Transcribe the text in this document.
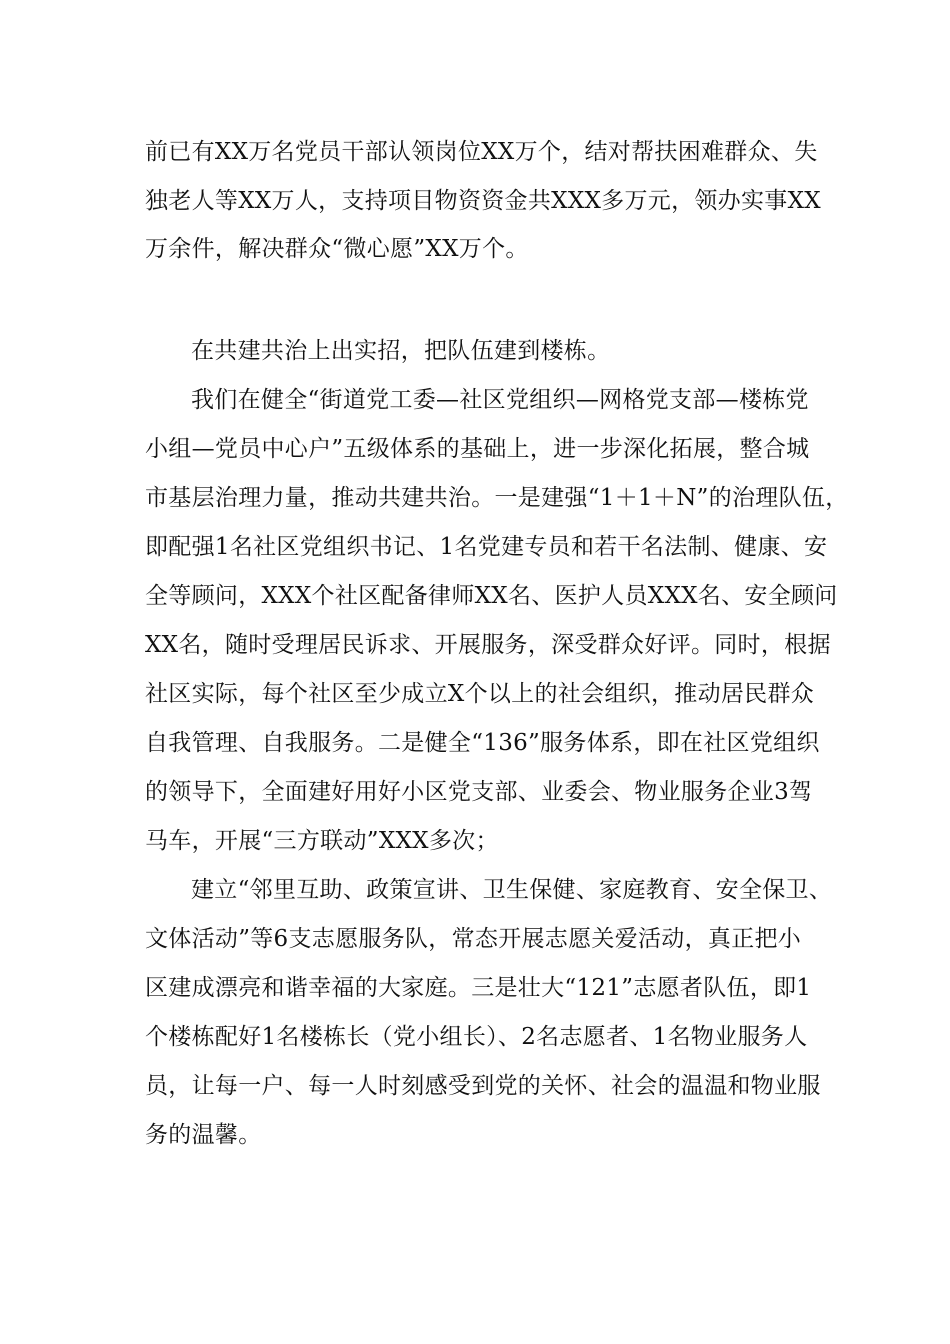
前已有XX万名党员干部认领岗位XX万个，结对帮扶困难群众、失
独老人等XX万人，支持项目物资资金共XXX多万元，领办实事XX
万余件，解决群众“微心愿”XX万个。
在共建共治上出实招，把队伍建到楼栋。
我们在健全“街道党工委—社区党组织—网格党支部—楼栋党
小组—党员中心户”五级体系的基础上，进一步深化拓展，整合城
市基层治理力量，推动共建共治。一是建强“1＋1＋N”的治理队伍，
即配强1名社区党组织书记、1名党建专员和若干名法制、健康、安
全等顾问，XXX个社区配备律师XX名、医护人员XXX名、安全顾问
XX名，随时受理居民诉求、开展服务，深受群众好评。同时，根据
社区实际，每个社区至少成立X个以上的社会组织，推动居民群众
自我管理、自我服务。二是健全“136”服务体系，即在社区党组织
的领导下，全面建好用好小区党支部、业委会、物业服务企业3驾
马车，开展“三方联动”XXX多次；
建立“邻里互助、政策宣讲、卫生保健、家庭教育、安全保卫、
文体活动”等6支志愿服务队，常态开展志愿关爱活动，真正把小
区建成漂亮和谐幸福的大家庭。三是壮大“121”志愿者队伍，即1
个楼栋配好1名楼栋长（党小组长）、2名志愿者、1名物业服务人
员，让每一户、每一人时刻感受到党的关怀、社会的温温和物业服
务的温馨。
